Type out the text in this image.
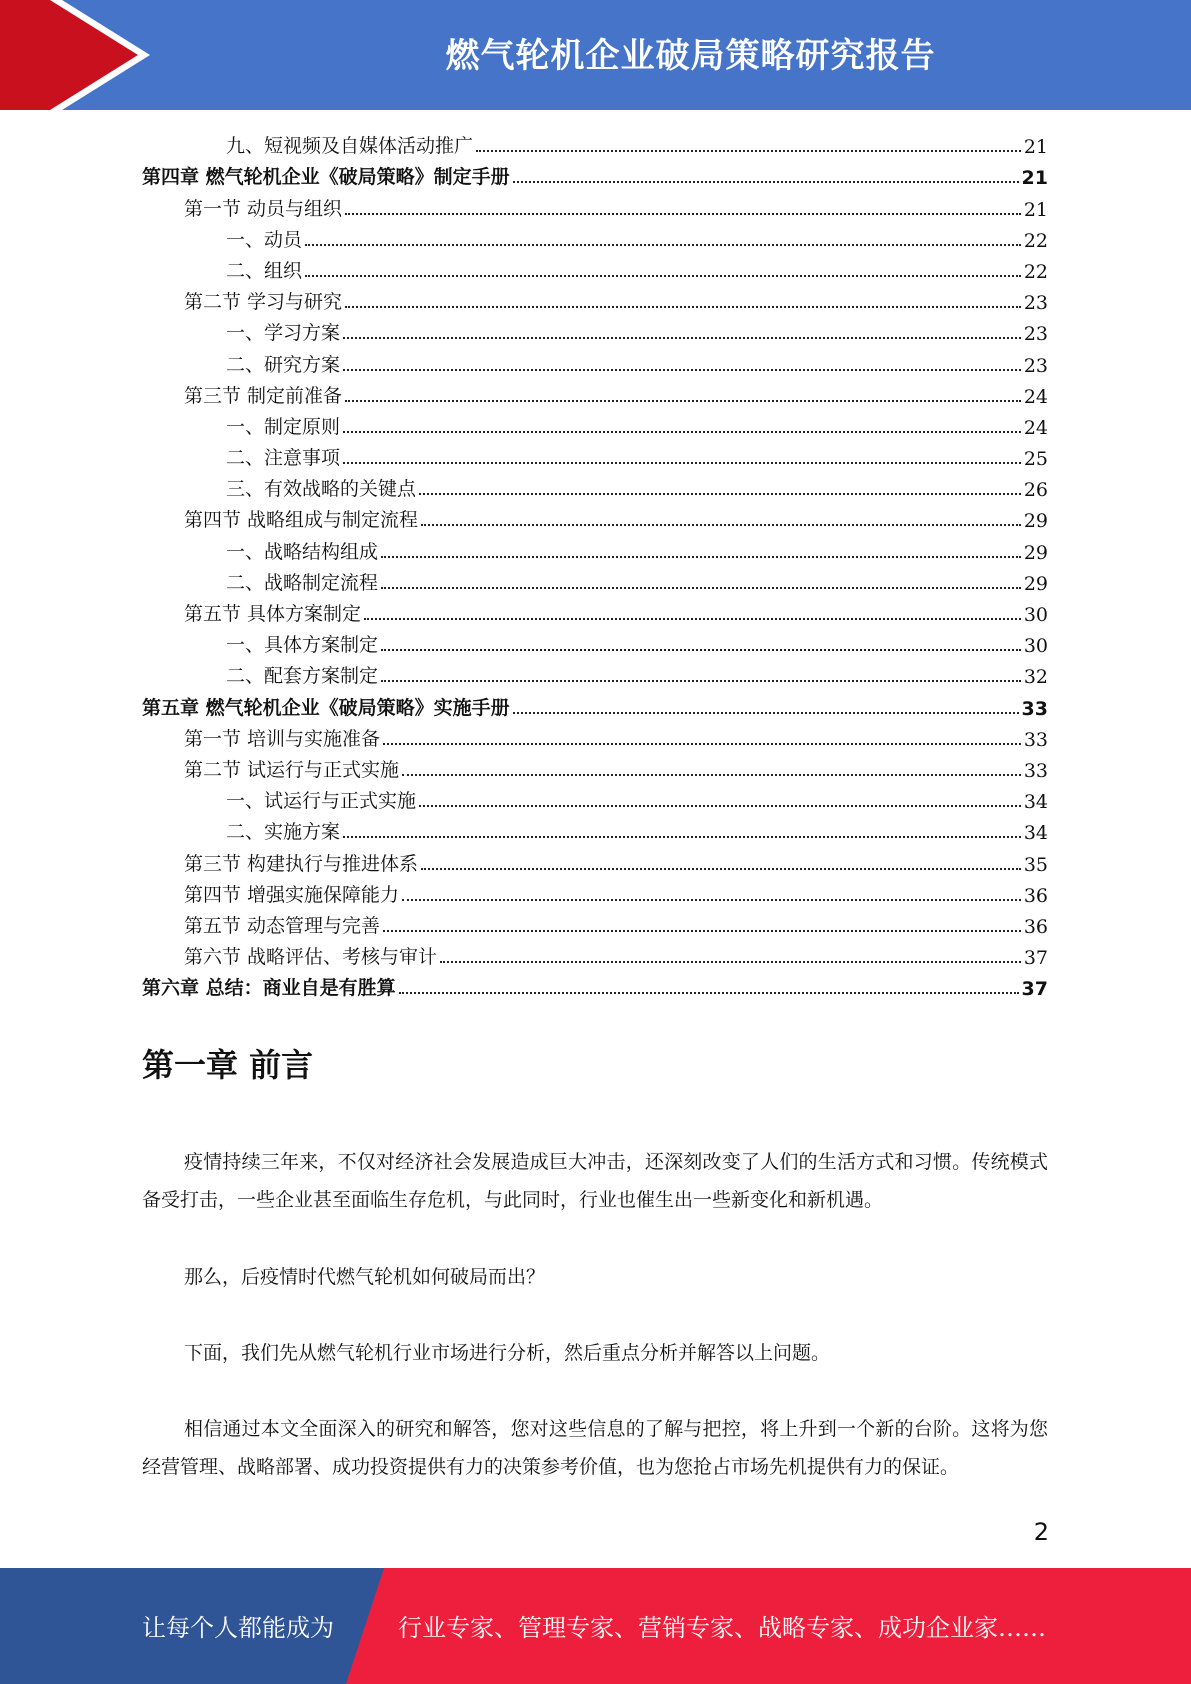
燃气轮机企业破局策略研究报告
九、短视频及自媒体活动推广	21
第四章 燃气轮机企业《破局策略》制定手册	21
第一节 动员与组织	21
一、动员	22
二、组织	22
第二节 学习与研究	23
一、学习方案	23
二、研究方案	23
第三节 制定前准备	24
一、制定原则	24
二、注意事项	25
三、有效战略的关键点	26
第四节 战略组成与制定流程	29
一、战略结构组成	29
二、战略制定流程	29
第五节 具体方案制定	30
一、具体方案制定	30
二、配套方案制定	32
第五章 燃气轮机企业《破局策略》实施手册	33
第一节 培训与实施准备	33
第二节 试运行与正式实施	33
一、试运行与正式实施	34
二、实施方案	34
第三节 构建执行与推进体系	35
第四节 增强实施保障能力	36
第五节 动态管理与完善	36
第六节 战略评估、考核与审计	37
第六章 总结：商业自是有胜算	37
第一章 前言

疫情持续三年来，不仅对经济社会发展造成巨大冲击，还深刻改变了人们的生活方式和习惯。传统模式备受打击，一些企业甚至面临生存危机，与此同时，行业也催生出一些新变化和新机遇。

那么，后疫情时代燃气轮机如何破局而出？

下面，我们先从燃气轮机行业市场进行分析，然后重点分析并解答以上问题。

相信通过本文全面深入的研究和解答，您对这些信息的了解与把控，将上升到一个新的台阶。这将为您经营管理、战略部署、成功投资提供有力的决策参考价值，也为您抢占市场先机提供有力的保证。

2
让每个人都能成为	行业专家、管理专家、营销专家、战略专家、成功企业家……
